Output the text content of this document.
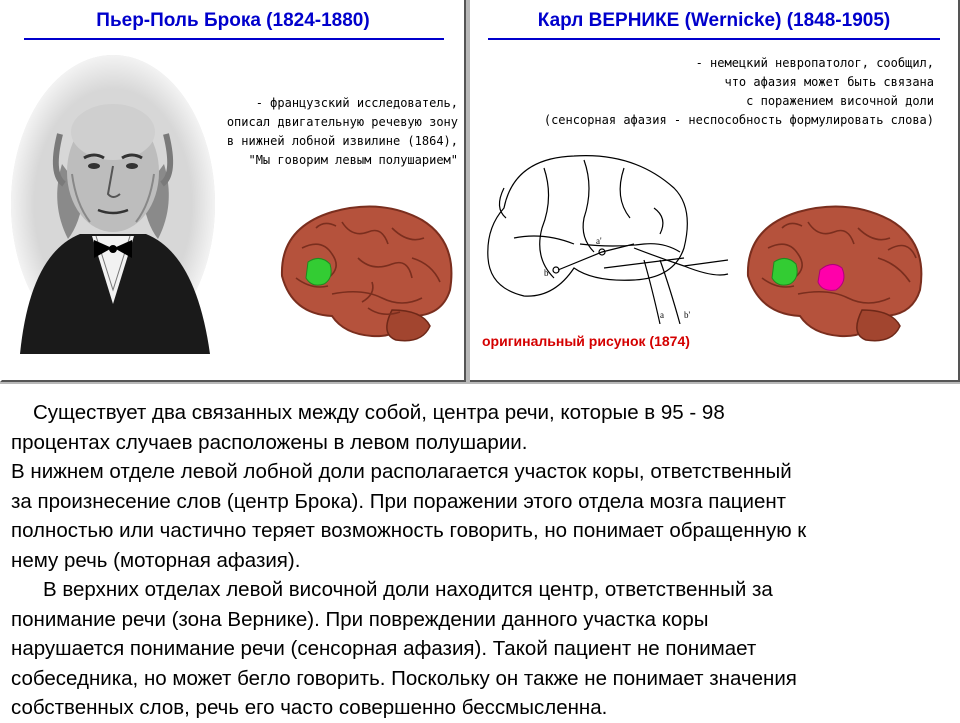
Пьер-Поль Брока (1824-1880)
- французский исследователь,
описал двигательную речевую зону
в нижней лобной извилине (1864),
"Мы говорим левым полушарием"
Карл ВЕРНИКЕ (Wernicke) (1848-1905)
- немецкий невропатолог, сообщил,
что афазия может быть связана
с поражением височной доли
(сенсорная афазия - неспособность формулировать слова)
a'
b
a b'
оригинальный рисунок (1874)

Существует два связанных между собой, центра речи, которые в 95 - 98

процентах случаев расположены в левом полушарии.

В нижнем отделе левой лобной доли располагается участок коры, ответственный

за произнесение слов (центр Брока). При поражении этого отдела мозга пациент

полностью или частично теряет возможность говорить, но понимает обращенную к

нему речь (моторная афазия).

В верхних отделах левой височной доли находится центр, ответственный за

понимание речи (зона Вернике). При повреждении данного участка коры

нарушается понимание речи (сенсорная афазия). Такой пациент не понимает

собеседника, но может бегло говорить. Поскольку он также не понимает значения

собственных слов, речь его часто совершенно бессмысленна.
